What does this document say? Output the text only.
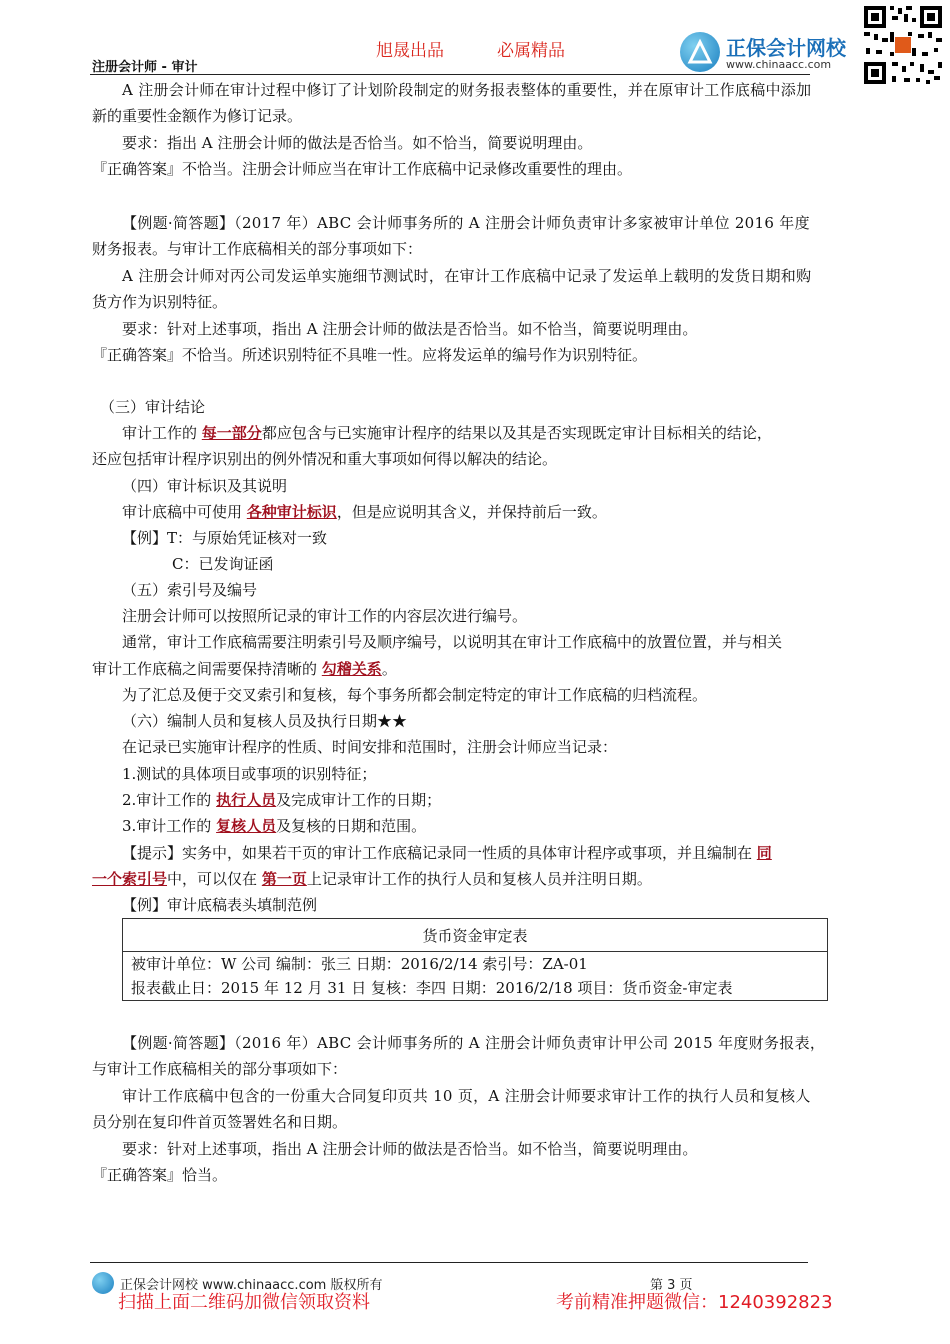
旭晟出品	必属精品
注册会计师 - 审计
正保会计网校
www.chinaacc.com
A 注册会计师在审计过程中修订了计划阶段制定的财务报表整体的重要性，并在原审计工作底稿中添加
新的重要性金额作为修订记录。
要求：指出 A 注册会计师的做法是否恰当。如不恰当，简要说明理由。
『正确答案』不恰当。注册会计师应当在审计工作底稿中记录修改重要性的理由。
【例题·简答题】（2017 年）ABC 会计师事务所的 A 注册会计师负责审计多家被审计单位 2016 年度
财务报表。与审计工作底稿相关的部分事项如下：
A 注册会计师对丙公司发运单实施细节测试时，在审计工作底稿中记录了发运单上载明的发货日期和购
货方作为识别特征。
要求：针对上述事项，指出 A 注册会计师的做法是否恰当。如不恰当，简要说明理由。
『正确答案』不恰当。所述识别特征不具唯一性。应将发运单的编号作为识别特征。
（三）审计结论
审计工作的 每一部分都应包含与已实施审计程序的结果以及其是否实现既定审计目标相关的结论，
还应包括审计程序识别出的例外情况和重大事项如何得以解决的结论。
（四）审计标识及其说明
审计底稿中可使用 各种审计标识，但是应说明其含义，并保持前后一致。
【例】T：与原始凭证核对一致
C：已发询证函
（五）索引号及编号
注册会计师可以按照所记录的审计工作的内容层次进行编号。
通常，审计工作底稿需要注明索引号及顺序编号，以说明其在审计工作底稿中的放置位置，并与相关
审计工作底稿之间需要保持清晰的 勾稽关系。
为了汇总及便于交叉索引和复核，每个事务所都会制定特定的审计工作底稿的归档流程。
（六）编制人员和复核人员及执行日期★★
在记录已实施审计程序的性质、时间安排和范围时，注册会计师应当记录：
1.测试的具体项目或事项的识别特征；
2.审计工作的 执行人员及完成审计工作的日期；
3.审计工作的 复核人员及复核的日期和范围。
【提示】实务中，如果若干页的审计工作底稿记录同一性质的具体审计程序或事项，并且编制在 同
一个索引号中，可以仅在 第一页上记录审计工作的执行人员和复核人员并注明日期。
【例】审计底稿表头填制范例
货币资金审定表

被审计单位：W 公司 编制：张三 日期：2016/2/14 索引号：ZA-01
报表截止日：2015 年 12 月 31 日 复核：李四 日期：2016/2/18 项目：货币资金-审定表
【例题·简答题】（2016 年）ABC 会计师事务所的 A 注册会计师负责审计甲公司 2015 年度财务报表，
与审计工作底稿相关的部分事项如下：
审计工作底稿中包含的一份重大合同复印页共 10 页，A 注册会计师要求审计工作的执行人员和复核人
员分别在复印件首页签署姓名和日期。
要求：针对上述事项，指出 A 注册会计师的做法是否恰当。如不恰当，简要说明理由。
『正确答案』恰当。
正保会计网校 www.chinaacc.com 版权所有	第 3 页
扫描上面二维码加微信领取资料	考前精准押题微信：1240392823
